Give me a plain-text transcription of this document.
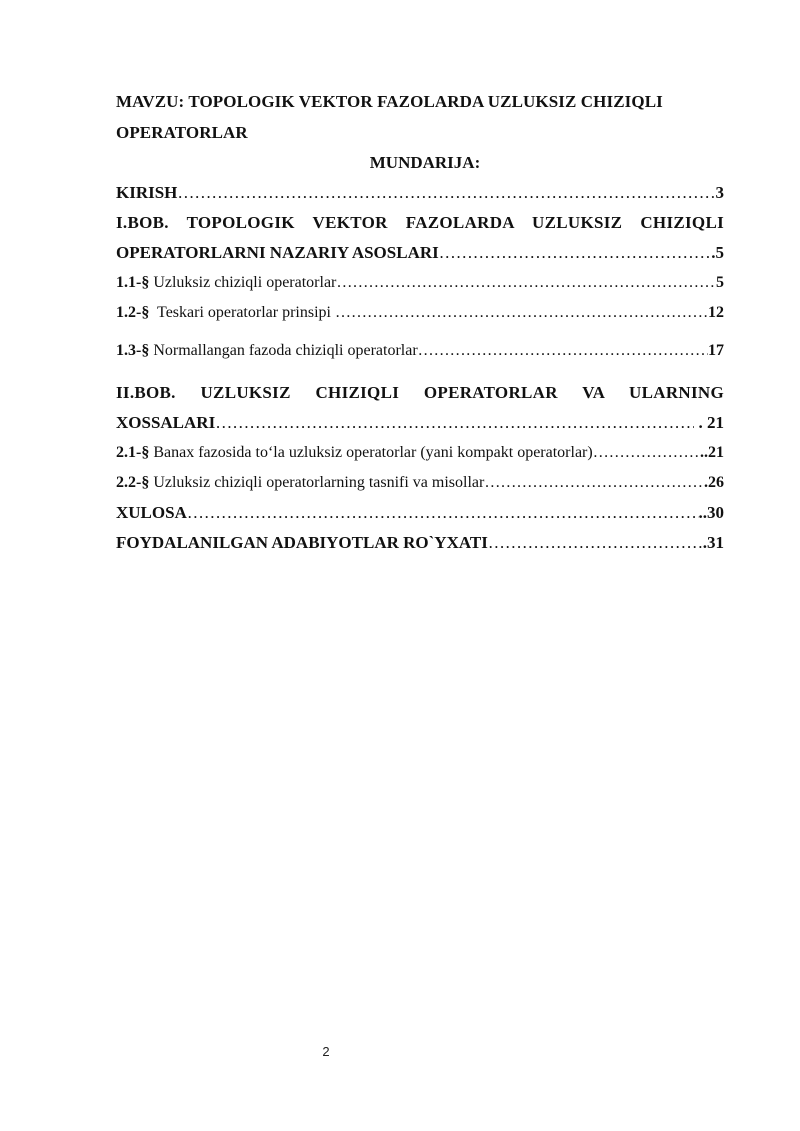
MAVZU: TOPOLOGIK VEKTOR FAZOLARDA UZLUKSIZ CHIZIQLI

OPERATORLAR

MUNDARIJA:

KIRISH ……………………………………………………………………………………………………………………………………………………………………	3

I.BOB. TOPOLOGIK VEKTOR FAZOLARDA UZLUKSIZ CHIZIQLI

OPERATORLARNI NAZARIY ASOSLARI ……………………………………………………………………………………………………………………………………………………………………	.5
1.1-§ Uzluksiz chiziqli operatorlar ……………………………………………………………………………………………………………………………………………………………………	5
1.2-§  Teskari operatorlar prinsipi ……………………………………………………………………………………………………………………………………………………………………	12
1.3-§ Normallangan fazoda chiziqli operatorlar ……………………………………………………………………………………………………………………………………………………………………	17

II.BOB. UZLUKSIZ CHIZIQLI OPERATORLAR VA ULARNING

XOSSALARI ……………………………………………………………………………………………………………………………………………………………………	. 21
2.1-§ Banax fazosida to‘la uzluksiz operatorlar (yani kompakt operatorlar) ……………………………………………………………………………………………………………………………………………………………………	..21
2.2-§ Uzluksiz chiziqli operatorlarning tasnifi va misollar ……………………………………………………………………………………………………………………………………………………………………	.26
XULOSA ……………………………………………………………………………………………………………………………………………………………………	..30
FOYDALANILGAN ADABIYOTLAR RO`YXATI ……………………………………………………………………………………………………………………………………………………………………	.31
2
